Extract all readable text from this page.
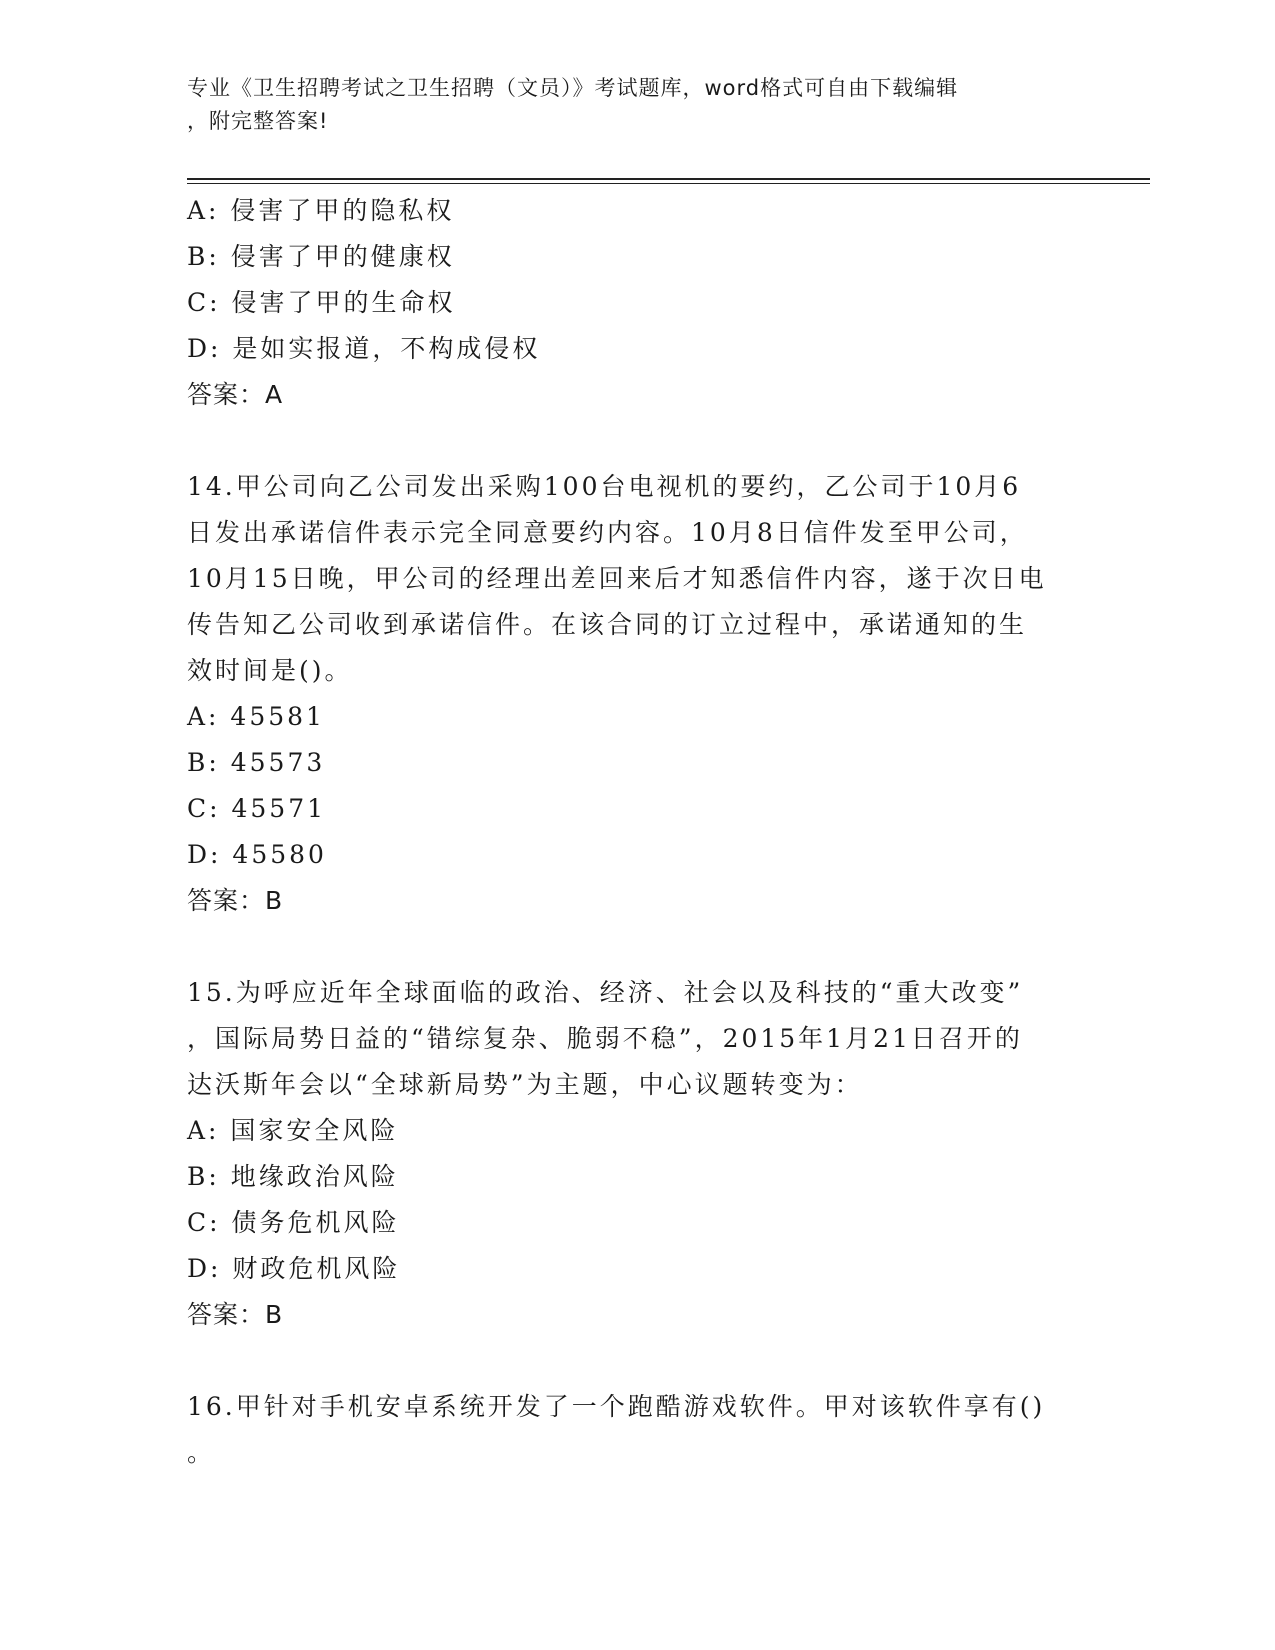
专业《卫生招聘考试之卫生招聘（文员）》考试题库，word格式可自由下载编辑
，附完整答案!
A: 侵害了甲的隐私权
B: 侵害了甲的健康权
C: 侵害了甲的生命权
D: 是如实报道，不构成侵权
答案：A
14.甲公司向乙公司发出采购100台电视机的要约，乙公司于10月6
日发出承诺信件表示完全同意要约内容。10月8日信件发至甲公司，
10月15日晚，甲公司的经理出差回来后才知悉信件内容，遂于次日电
传告知乙公司收到承诺信件。在该合同的订立过程中，承诺通知的生
效时间是()。
A: 45581
B: 45573
C: 45571
D: 45580
答案：B
15.为呼应近年全球面临的政治、经济、社会以及科技的“重大改变”
，国际局势日益的“错综复杂、脆弱不稳”，2015年1月21日召开的
达沃斯年会以“全球新局势”为主题，中心议题转变为：
A: 国家安全风险
B: 地缘政治风险
C: 债务危机风险
D: 财政危机风险
答案：B
16.甲针对手机安卓系统开发了一个跑酷游戏软件。甲对该软件享有()
。
